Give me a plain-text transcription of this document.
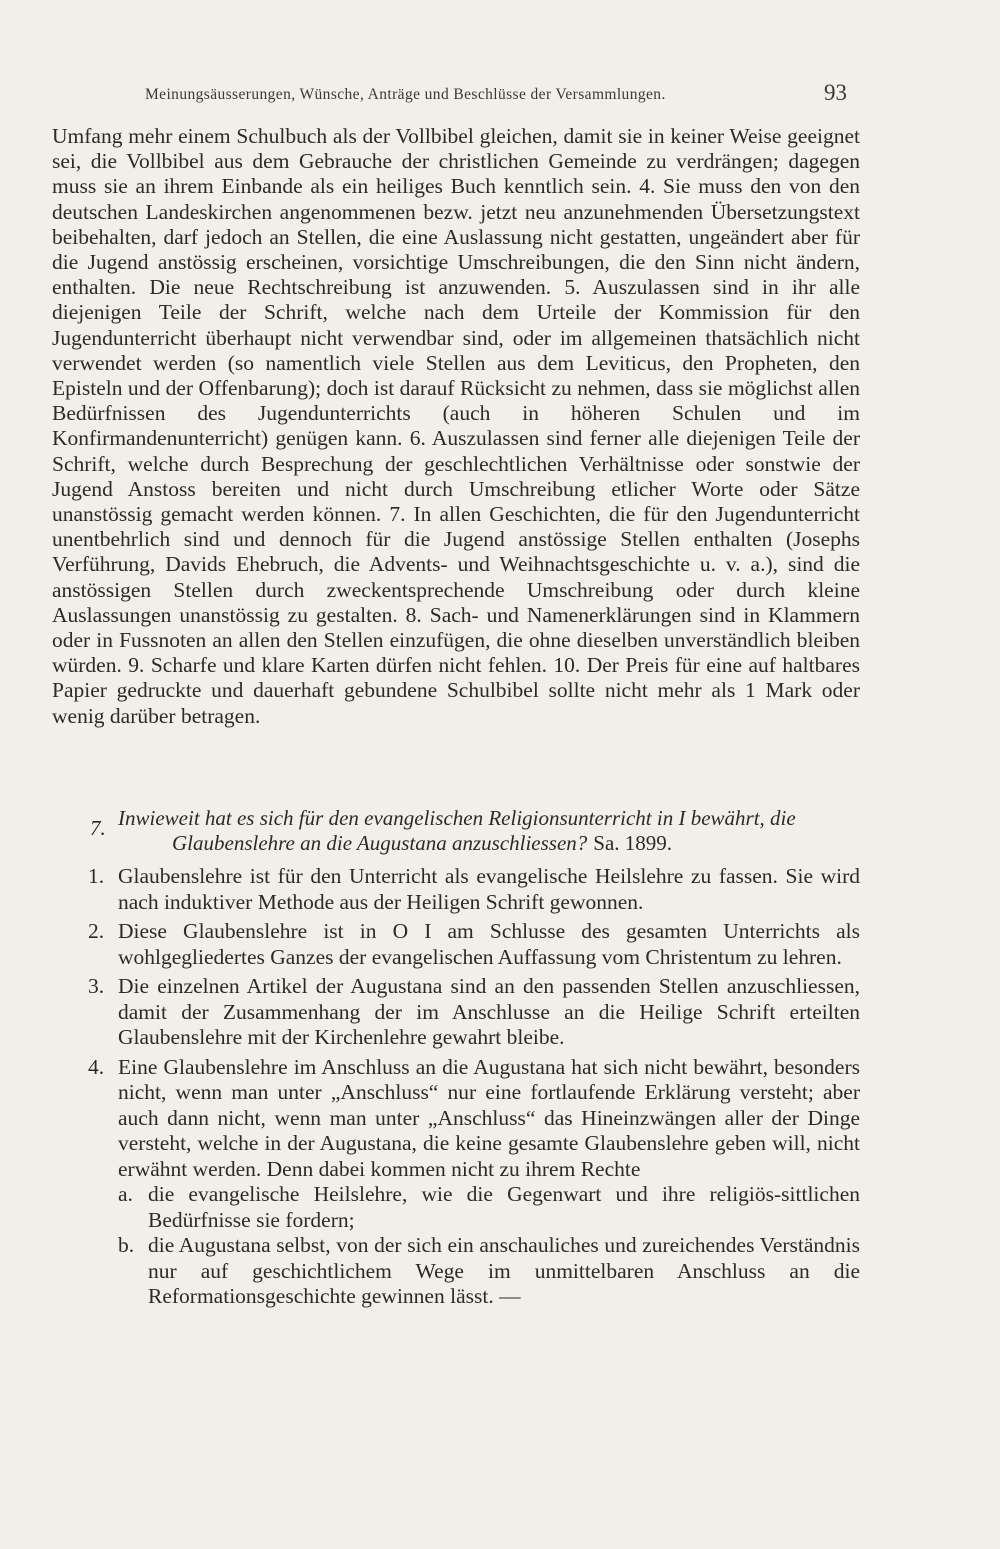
Meinungsäusserungen, Wünsche, Anträge und Beschlüsse der Versammlungen.	93

Umfang mehr einem Schulbuch als der Vollbibel gleichen, damit sie in keiner Weise geeignet sei, die Vollbibel aus dem Gebrauche der christlichen Gemeinde zu verdrängen; dagegen muss sie an ihrem Einbande als ein heiliges Buch kenntlich sein. 4. Sie muss den von den deutschen Landeskirchen angenommenen bezw. jetzt neu anzunehmenden Übersetzungstext beibehalten, darf jedoch an Stellen, die eine Auslassung nicht gestatten, ungeändert aber für die Jugend anstössig erscheinen, vorsichtige Umschreibungen, die den Sinn nicht ändern, enthalten. Die neue Rechtschreibung ist anzuwenden. 5. Auszulassen sind in ihr alle diejenigen Teile der Schrift, welche nach dem Urteile der Kommission für den Jugendunterricht überhaupt nicht verwendbar sind, oder im allgemeinen thatsächlich nicht verwendet werden (so namentlich viele Stellen aus dem Leviticus, den Propheten, den Episteln und der Offenbarung); doch ist darauf Rücksicht zu nehmen, dass sie möglichst allen Bedürfnissen des Jugendunterrichts (auch in höheren Schulen und im Konfirmandenunterricht) genügen kann. 6. Auszulassen sind ferner alle diejenigen Teile der Schrift, welche durch Besprechung der geschlechtlichen Verhältnisse oder sonstwie der Jugend Anstoss bereiten und nicht durch Umschreibung etlicher Worte oder Sätze unanstössig gemacht werden können. 7. In allen Geschichten, die für den Jugendunterricht unentbehrlich sind und dennoch für die Jugend anstössige Stellen enthalten (Josephs Verführung, Davids Ehebruch, die Advents- und Weihnachtsgeschichte u. v. a.), sind die anstössigen Stellen durch zweckentsprechende Umschreibung oder durch kleine Auslassungen unanstössig zu gestalten. 8. Sach- und Namenerklärungen sind in Klammern oder in Fussnoten an allen den Stellen einzufügen, die ohne dieselben unverständlich bleiben würden. 9. Scharfe und klare Karten dürfen nicht fehlen. 10. Der Preis für eine auf haltbares Papier gedruckte und dauerhaft gebundene Schulbibel sollte nicht mehr als 1 Mark oder wenig darüber betragen.

7. Inwieweit hat es sich für den evangelischen Religionsunterricht in I bewährt, die
Glaubenslehre an die Augustana anzuschliessen? Sa. 1899.
1. Glaubenslehre ist für den Unterricht als evangelische Heilslehre zu fassen. Sie wird nach induktiver Methode aus der Heiligen Schrift gewonnen.
2. Diese Glaubenslehre ist in O I am Schlusse des gesamten Unterrichts als wohlgegliedertes Ganzes der evangelischen Auffassung vom Christentum zu lehren.
3. Die einzelnen Artikel der Augustana sind an den passenden Stellen anzuschliessen, damit der Zusammenhang der im Anschlusse an die Heilige Schrift erteilten Glaubenslehre mit der Kirchenlehre gewahrt bleibe.
4. Eine Glaubenslehre im Anschluss an die Augustana hat sich nicht bewährt, besonders nicht, wenn man unter „Anschluss“ nur eine fortlaufende Erklärung versteht; aber auch dann nicht, wenn man unter „Anschluss“ das Hineinzwängen aller der Dinge versteht, welche in der Augustana, die keine gesamte Glaubenslehre geben will, nicht erwähnt werden. Denn dabei kommen nicht zu ihrem Rechte
a. die evangelische Heilslehre, wie die Gegenwart und ihre religiös-sittlichen Bedürfnisse sie fordern;
b. die Augustana selbst, von der sich ein anschauliches und zureichendes Verständnis nur auf geschichtlichem Wege im unmittelbaren Anschluss an die Reformationsgeschichte gewinnen lässt. —
